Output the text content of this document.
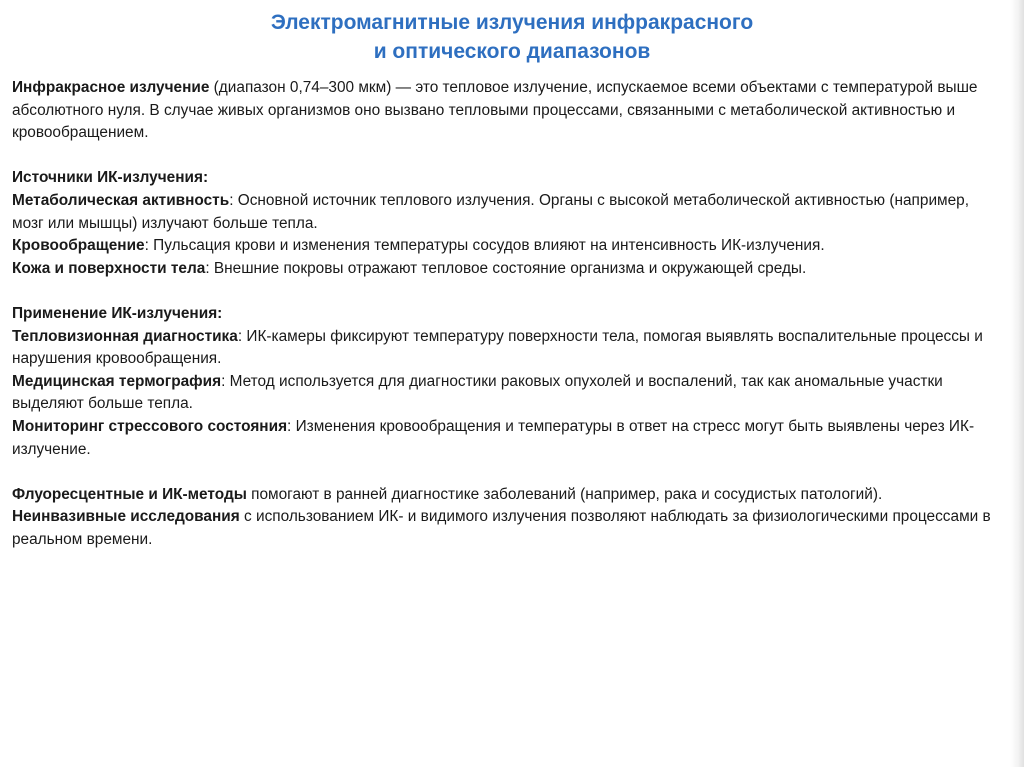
Электромагнитные излучения инфракрасного
и оптического диапазонов

Инфракрасное излучение (диапазон 0,74–300 мкм) — это тепловое излучение, испускаемое всеми объектами с температурой выше абсолютного нуля. В случае живых организмов оно вызвано тепловыми процессами, связанными с метаболической активностью и кровообращением.

Источники ИК-излучения:

Метаболическая активность: Основной источник теплового излучения. Органы с высокой метаболической активностью (например, мозг или мышцы) излучают больше тепла.

Кровообращение: Пульсация крови и изменения температуры сосудов влияют на интенсивность ИК-излучения.

Кожа и поверхности тела: Внешние покровы отражают тепловое состояние организма и окружающей среды.

Применение ИК-излучения:

Тепловизионная диагностика: ИК-камеры фиксируют температуру поверхности тела, помогая выявлять воспалительные процессы и нарушения кровообращения.

Медицинская термография: Метод используется для диагностики раковых опухолей и воспалений, так как аномальные участки выделяют больше тепла.

Мониторинг стрессового состояния: Изменения кровообращения и температуры в ответ на стресс могут быть выявлены через ИК-излучение.

Флуоресцентные и ИК-методы помогают в ранней диагностике заболеваний (например, рака и сосудистых патологий).

Неинвазивные исследования с использованием ИК- и видимого излучения позволяют наблюдать за физиологическими процессами в реальном времени.
